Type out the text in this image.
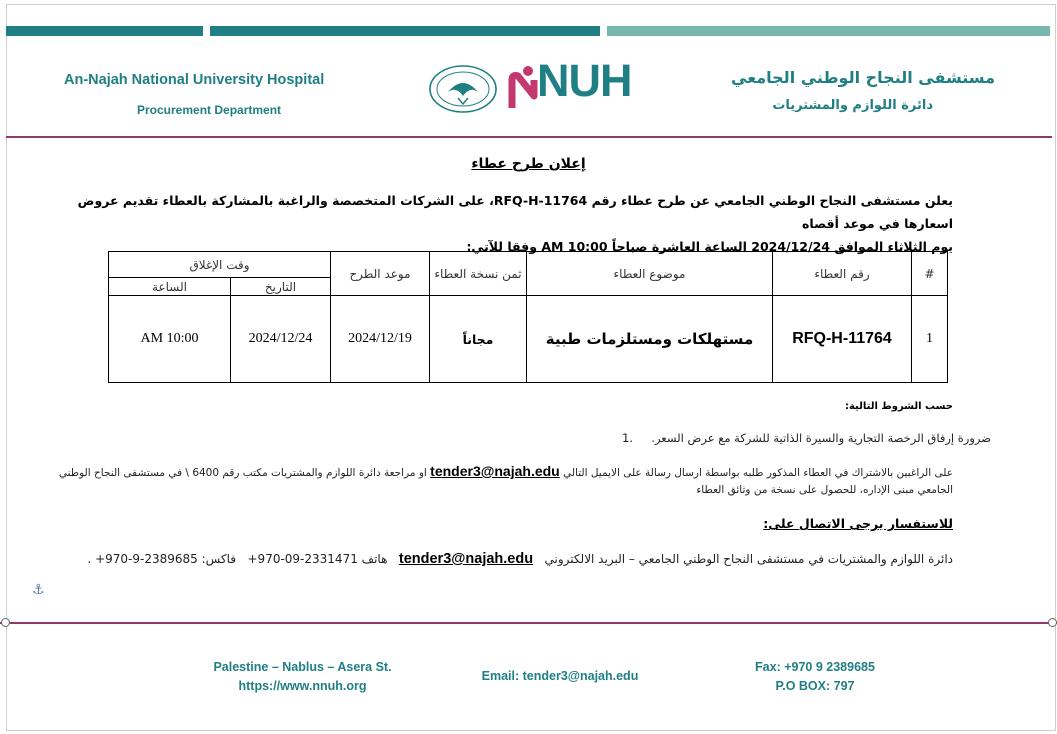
An-Najah National University Hospital
Procurement Department
NUH	مستشفى النجاح الوطني الجامعي
دائرة اللوازم والمشتريات
إعلان طرح عطاء
يعلن مستشفى النجاح الوطني الجامعي عن طرح عطاء رقم RFQ-H-11764، على الشركات المتخصصة والراغبة بالمشاركة بالعطاء تقديم عروض اسعارها في موعد أقصاه
يوم الثلاثاء الموافق 2024/12/24 الساعة العاشرة صباحاً AM 10:00 وفقا للآتي:
#	رقم العطاء	موضوع العطاء	ثمن نسخة العطاء	موعد الطرح	وقت الإغلاق	
					التاريخ	الساعة
1	RFQ-H-11764	مستهلكات ومستلزمات طبية	مجاناً	2024/12/19	2024/12/24	AM 10:00
حسب الشروط التالية:
ضرورة إرفاق الرخصة التجارية والسيرة الذاتية للشركة مع عرض السعر.     .1
على الراغبين بالاشتراك في العطاء المذكور طلبه بواسطة ارسال رسالة على الايميل التالي tender3@najah.edu او مراجعة دائرة اللوازم والمشتريات مكتب رقم 6400 \ في مستشفى النجاح الوطني الجامعي مبنى الإداره، للحصول على نسخة من وثائق العطاء
للاستفسار يرجى الاتصال على:
دائرة اللوازم والمشتريات في مستشفى النجاح الوطني الجامعي – البريد الالكتروني   tender3@najah.edu   هاتف +970-09-2331471   فاكس: +970-9-2389685 .
⚓
Palestine – Nablus – Asera St.
https://www.nnuh.org
Email: tender3@najah.edu
Fax: +970 9 2389685
P.O BOX: 797
